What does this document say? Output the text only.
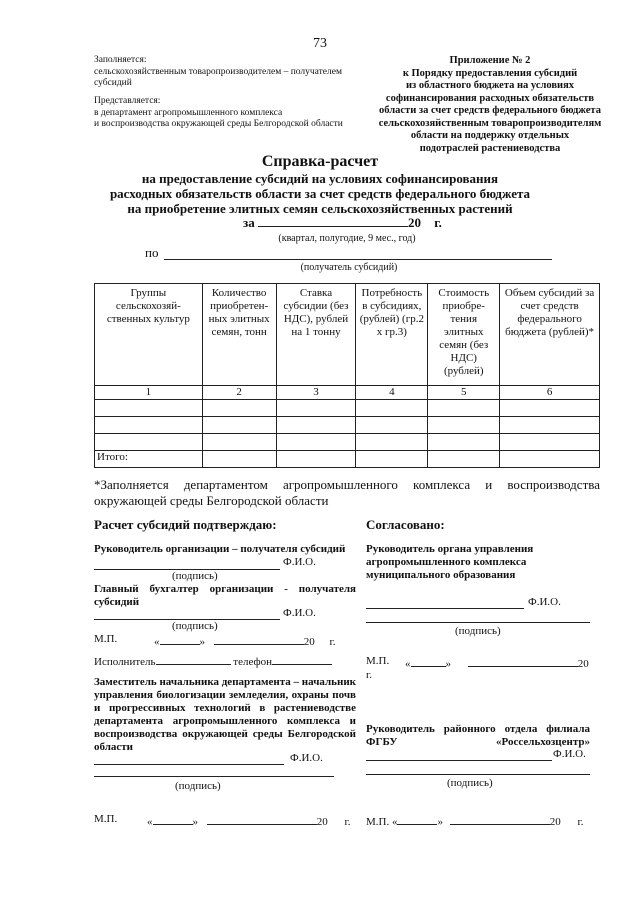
73
Заполняется:
сельскохозяйственным товаропроизводителем – получателем
субсидий
Представляется:
в департамент агропромышленного комплекса
и воспроизводства окружающей среды Белгородской области
Приложение № 2
к Порядку предоставления субсидий
из областного бюджета на условиях
софинансирования расходных обязательств
области за счет средств федерального бюджета
сельскохозяйственным товаропроизводителям
области на поддержку отдельных
подотраслей растениеводства
Справка-расчет
на предоставление субсидий на условиях софинансирования
расходных обязательств области за счет средств федерального бюджета
на приобретение элитных семян сельскохозяйственных растений
за	20 г.
(квартал, полугодие, 9 мес., год)
по
(получатель субсидий)
Группы сельскохозяй-ственных культур	Количество приобретен-ных элитных семян, тонн	Ставка субсидии (без НДС), рублей на 1 тонну	Потребность в субсидиях, (рублей) (гр.2 х гр.3)	Стоимость приобре-тения элитных семян (без НДС) (рублей)	Объем субсидий за счет средств федерального бюджета (рублей)*
1	2	3	4	5	6

Итого:					
*Заполняется департаментом агропромышленного комплекса и воспроизводства окружающей среды Белгородской области
Расчет субсидий подтверждаю:	Согласовано:
Руководитель организации – получателя субсидий
Ф.И.О.
(подпись)
Главный бухгалтер организации - получателя субсидий
Ф.И.О.
(подпись)
М.П.	«	»	20 г.
Исполнитель	телефон
Заместитель начальника департамента – начальник управления биологизации земледелия, охраны почв и прогрессивных технологий в растениеводстве департамента агропромышленного комплекса и воспроизводства окружающей среды Белгородской области
Ф.И.О.
(подпись)
М.П.	«	»	20 г.
Руководитель органа управления агропромышленного комплекса муниципального образования
Ф.И.О.
(подпись)
М.П. «	»	20
г.
Руководитель районного отдела филиала ФГБУ «Россельхозцентр»
Ф.И.О.
(подпись)
М.П. «	»	20 г.
